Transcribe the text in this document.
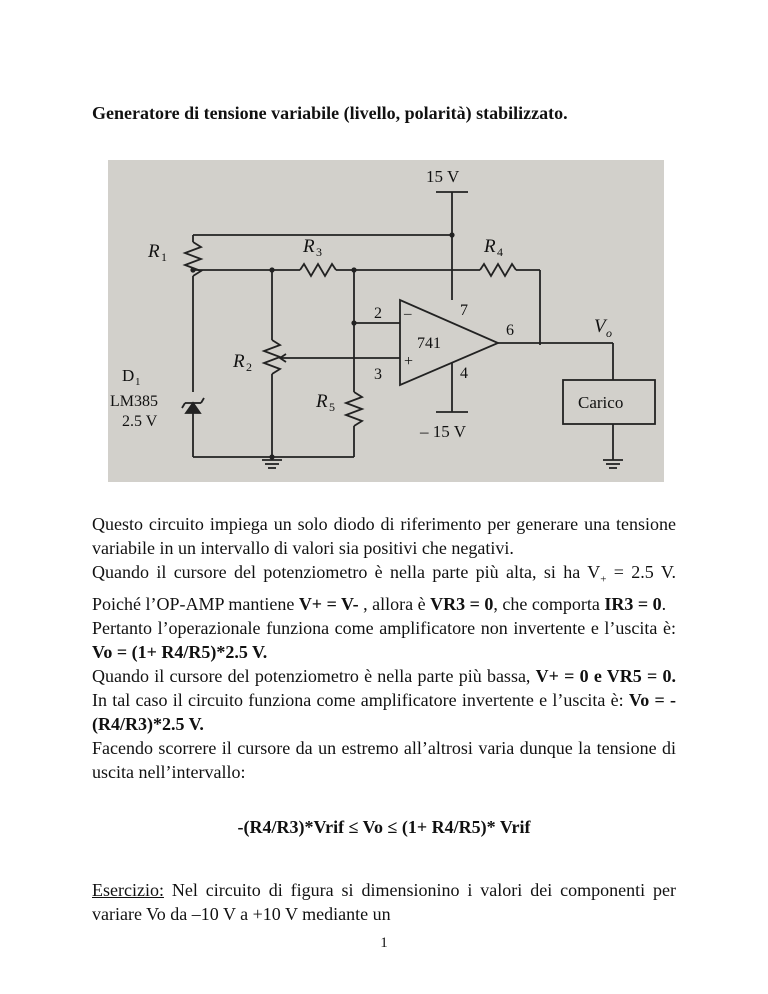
Generatore di tensione variabile (livello, polarità) stabilizzato.
15 V
– 15 V
R 1
R 2
R 3	R 4
R 5
D 1
LM385
2.5 V
741
–
+
2
3	4
6
7
V o
Carico

Questo circuito impiega un solo diodo di riferimento per generare una tensione variabile in un intervallo di valori sia positivi che negativi.

Quando il cursore del potenziometro è nella parte più alta, si ha $V_+ = 2.5$ V. Poiché l’OP-AMP mantiene V+ = V- , allora è VR3 = 0, che comporta IR3 = 0.

Pertanto l’operazionale funziona come amplificatore non invertente e l’uscita è: Vo = (1+ R4/R5)*2.5 V.

Quando il cursore del potenziometro è nella parte più bassa, V+ = 0 e VR5 = 0. In tal caso il circuito funziona come amplificatore invertente e l’uscita è: Vo = -(R4/R3)*2.5 V.

Facendo scorrere il cursore da un estremo all’altrosi varia dunque la tensione di uscita nell’intervallo:

-(R4/R3)*Vrif ≤ Vo ≤ (1+ R4/R5)* Vrif
Esercizio: Nel circuito di figura si dimensionino i valori dei componenti per variare Vo da –10 V a +10 V mediante un
1
